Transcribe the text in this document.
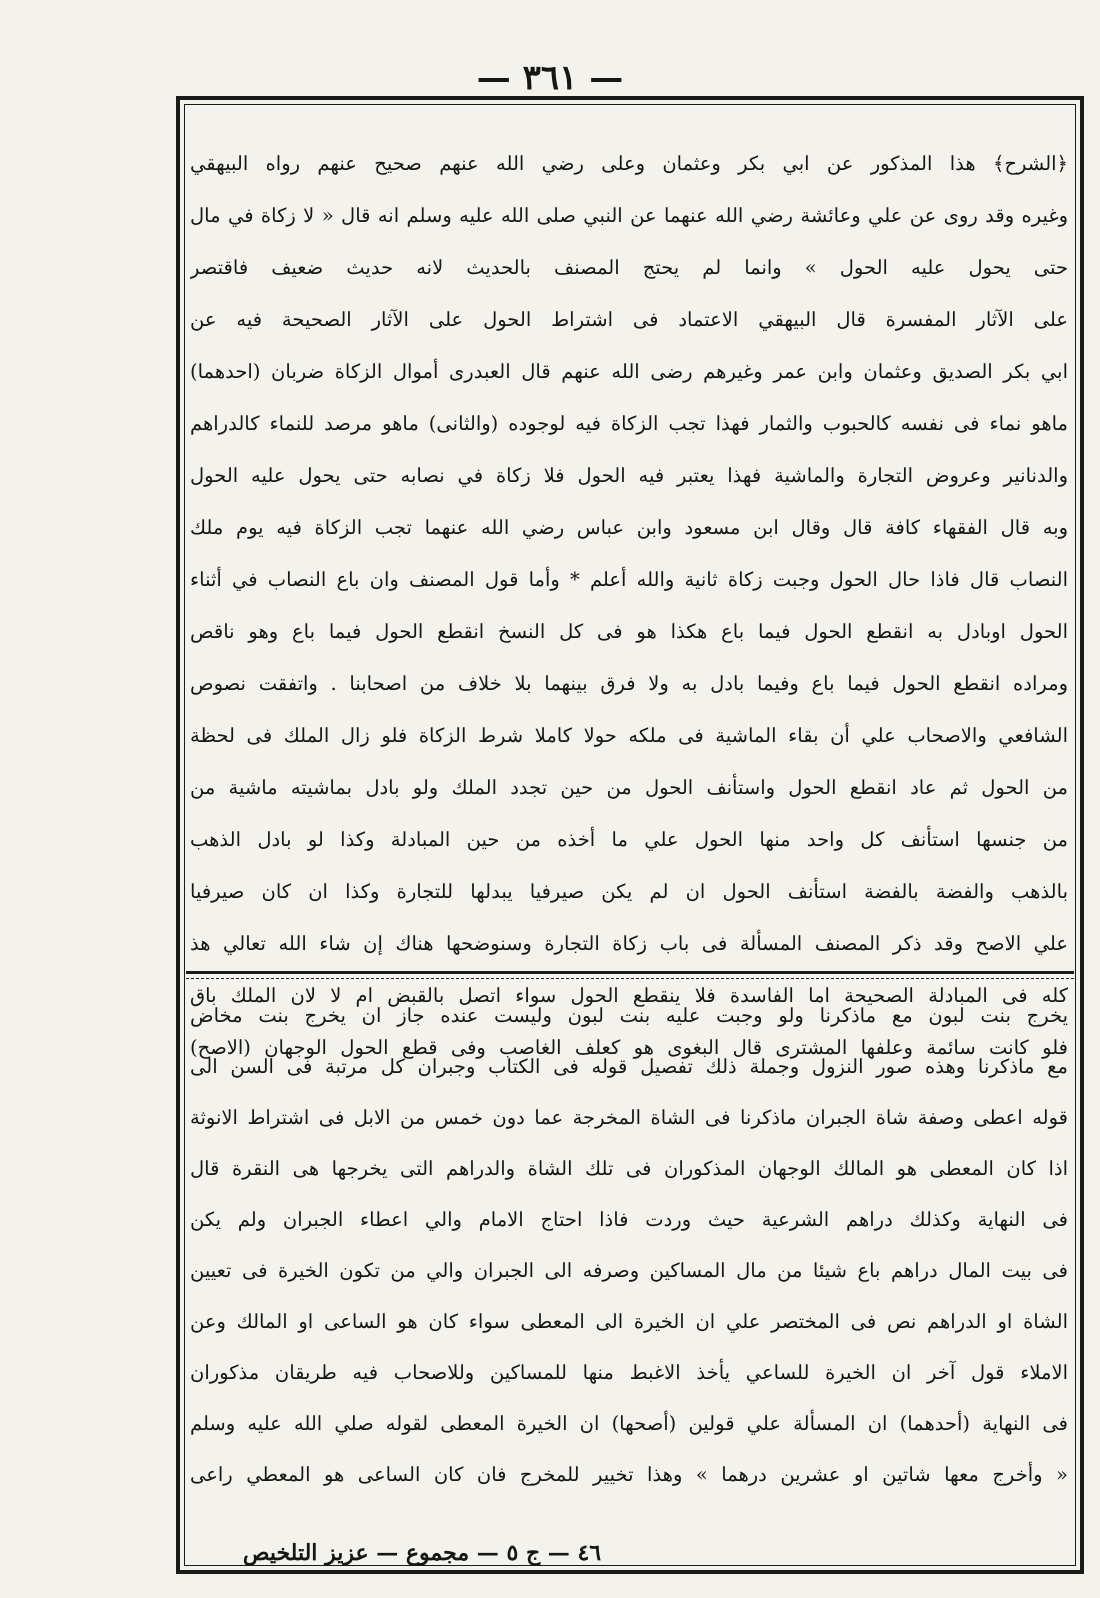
— ٣٦١ —
﴿الشرح﴾ هذا المذكور عن ابي بكر وعثمان وعلى رضي الله عنهم صحيح عنهم رواه البيهقي
وغيره وقد روى عن علي وعائشة رضي الله عنهما عن النبي صلى الله عليه وسلم انه قال « لا زكاة في مال
حتى يحول عليه الحول » وانما لم يحتج المصنف بالحديث لانه حديث ضعيف فاقتصر
على الآثار المفسرة قال البيهقي الاعتماد فى اشتراط الحول على الآثار الصحيحة فيه عن
ابي بكر الصديق وعثمان وابن عمر وغيرهم رضى الله عنهم قال العبدرى أموال الزكاة ضربان (احدهما)
ماهو نماء فى نفسه كالحبوب والثمار فهذا تجب الزكاة فيه لوجوده (والثانى) ماهو مرصد للنماء كالدراهم
والدنانير وعروض التجارة والماشية فهذا يعتبر فيه الحول فلا زكاة في نصابه حتى يحول عليه الحول
وبه قال الفقهاء كافة قال وقال ابن مسعود وابن عباس رضي الله عنهما تجب الزكاة فيه يوم ملك
النصاب قال فاذا حال الحول وجبت زكاة ثانية والله أعلم * وأما قول المصنف وان باع النصاب في أثناء
الحول اوبادل به انقطع الحول فيما باع هكذا هو فى كل النسخ انقطع الحول فيما باع وهو ناقص
ومراده انقطع الحول فيما باع وفيما بادل به ولا فرق بينهما بلا خلاف من اصحابنا . واتفقت نصوص
الشافعي والاصحاب علي أن بقاء الماشية فى ملكه حولا كاملا شرط الزكاة فلو زال الملك فى لحظة
من الحول ثم عاد انقطع الحول واستأنف الحول من حين تجدد الملك ولو بادل بماشيته ماشية من
من جنسها استأنف كل واحد منها الحول علي ما أخذه من حين المبادلة وكذا لو بادل الذهب
بالذهب والفضة بالفضة استأنف الحول ان لم يكن صيرفيا يبدلها للتجارة وكذا ان كان صيرفيا
علي الاصح وقد ذكر المصنف المسألة فى باب زكاة التجارة وسنوضحها هناك إن شاء الله تعالي هذ
كله فى المبادلة الصحيحة اما الفاسدة فلا ينقطع الحول سواء اتصل بالقبض ام لا لان الملك باق
فلو كانت سائمة وعلفها المشترى قال البغوى هو كعلف الغاصب وفى قطع الحول الوجهان (الاصح)
يخرج بنت لبون مع ماذكرنا ولو وجبت عليه بنت لبون وليست عنده جاز ان يخرج بنت مخاض
مع ماذكرنا وهذه صور النزول وجملة ذلك تفصيل قوله فى الكتاب وجبران كل مرتبة فى السن الى
قوله اعطى وصفة شاة الجبران ماذكرنا فى الشاة المخرجة عما دون خمس من الابل فى اشتراط الانوثة
اذا كان المعطى هو المالك الوجهان المذكوران فى تلك الشاة والدراهم التى يخرجها هى النقرة قال
فى النهاية وكذلك دراهم الشرعية حيث وردت فاذا احتاج الامام والي اعطاء الجبران ولم يكن
فى بيت المال دراهم باع شيئا من مال المساكين وصرفه الى الجبران والي من تكون الخيرة فى تعيين
الشاة او الدراهم نص فى المختصر علي ان الخيرة الى المعطى سواء كان هو الساعى او المالك وعن
الاملاء قول آخر ان الخيرة للساعي يأخذ الاغبط منها للمساكين وللاصحاب فيه طريقان مذكوران
فى النهاية (أحدهما) ان المسألة علي قولين (أصحها) ان الخيرة المعطى لقوله صلي الله عليه وسلم
« وأخرج معها شاتين او عشرين درهما » وهذا تخيير للمخرج فان كان الساعى هو المعطي راعى
٤٦ — ج ٥ — مجموع — عزيز التلخيص
